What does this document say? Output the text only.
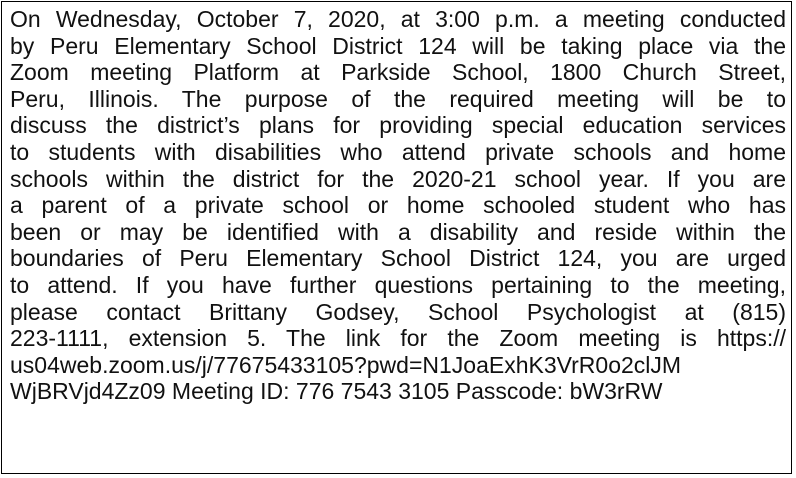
On Wednesday, October 7, 2020, at 3:00 p.m. a meeting conducted
by Peru Elementary School District 124 will be taking place via the
Zoom meeting Platform at Parkside School, 1800 Church Street,
Peru, Illinois. The purpose of the required meeting will be to
discuss the district’s plans for providing special education services
to students with disabilities who attend private schools and home
schools within the district for the 2020-21 school year. If you are
a parent of a private school or home schooled student who has
been or may be identified with a disability and reside within the
boundaries of Peru Elementary School District 124, you are urged
to attend. If you have further questions pertaining to the meeting,
please contact Brittany Godsey, School Psychologist at (815)
223-1111, extension 5. The link for the Zoom meeting is https://
us04web.zoom.us/j/77675433105?pwd=N1JoaExhK3VrR0o2clJM
WjBRVjd4Zz09 Meeting ID: 776 7543 3105 Passcode: bW3rRW
